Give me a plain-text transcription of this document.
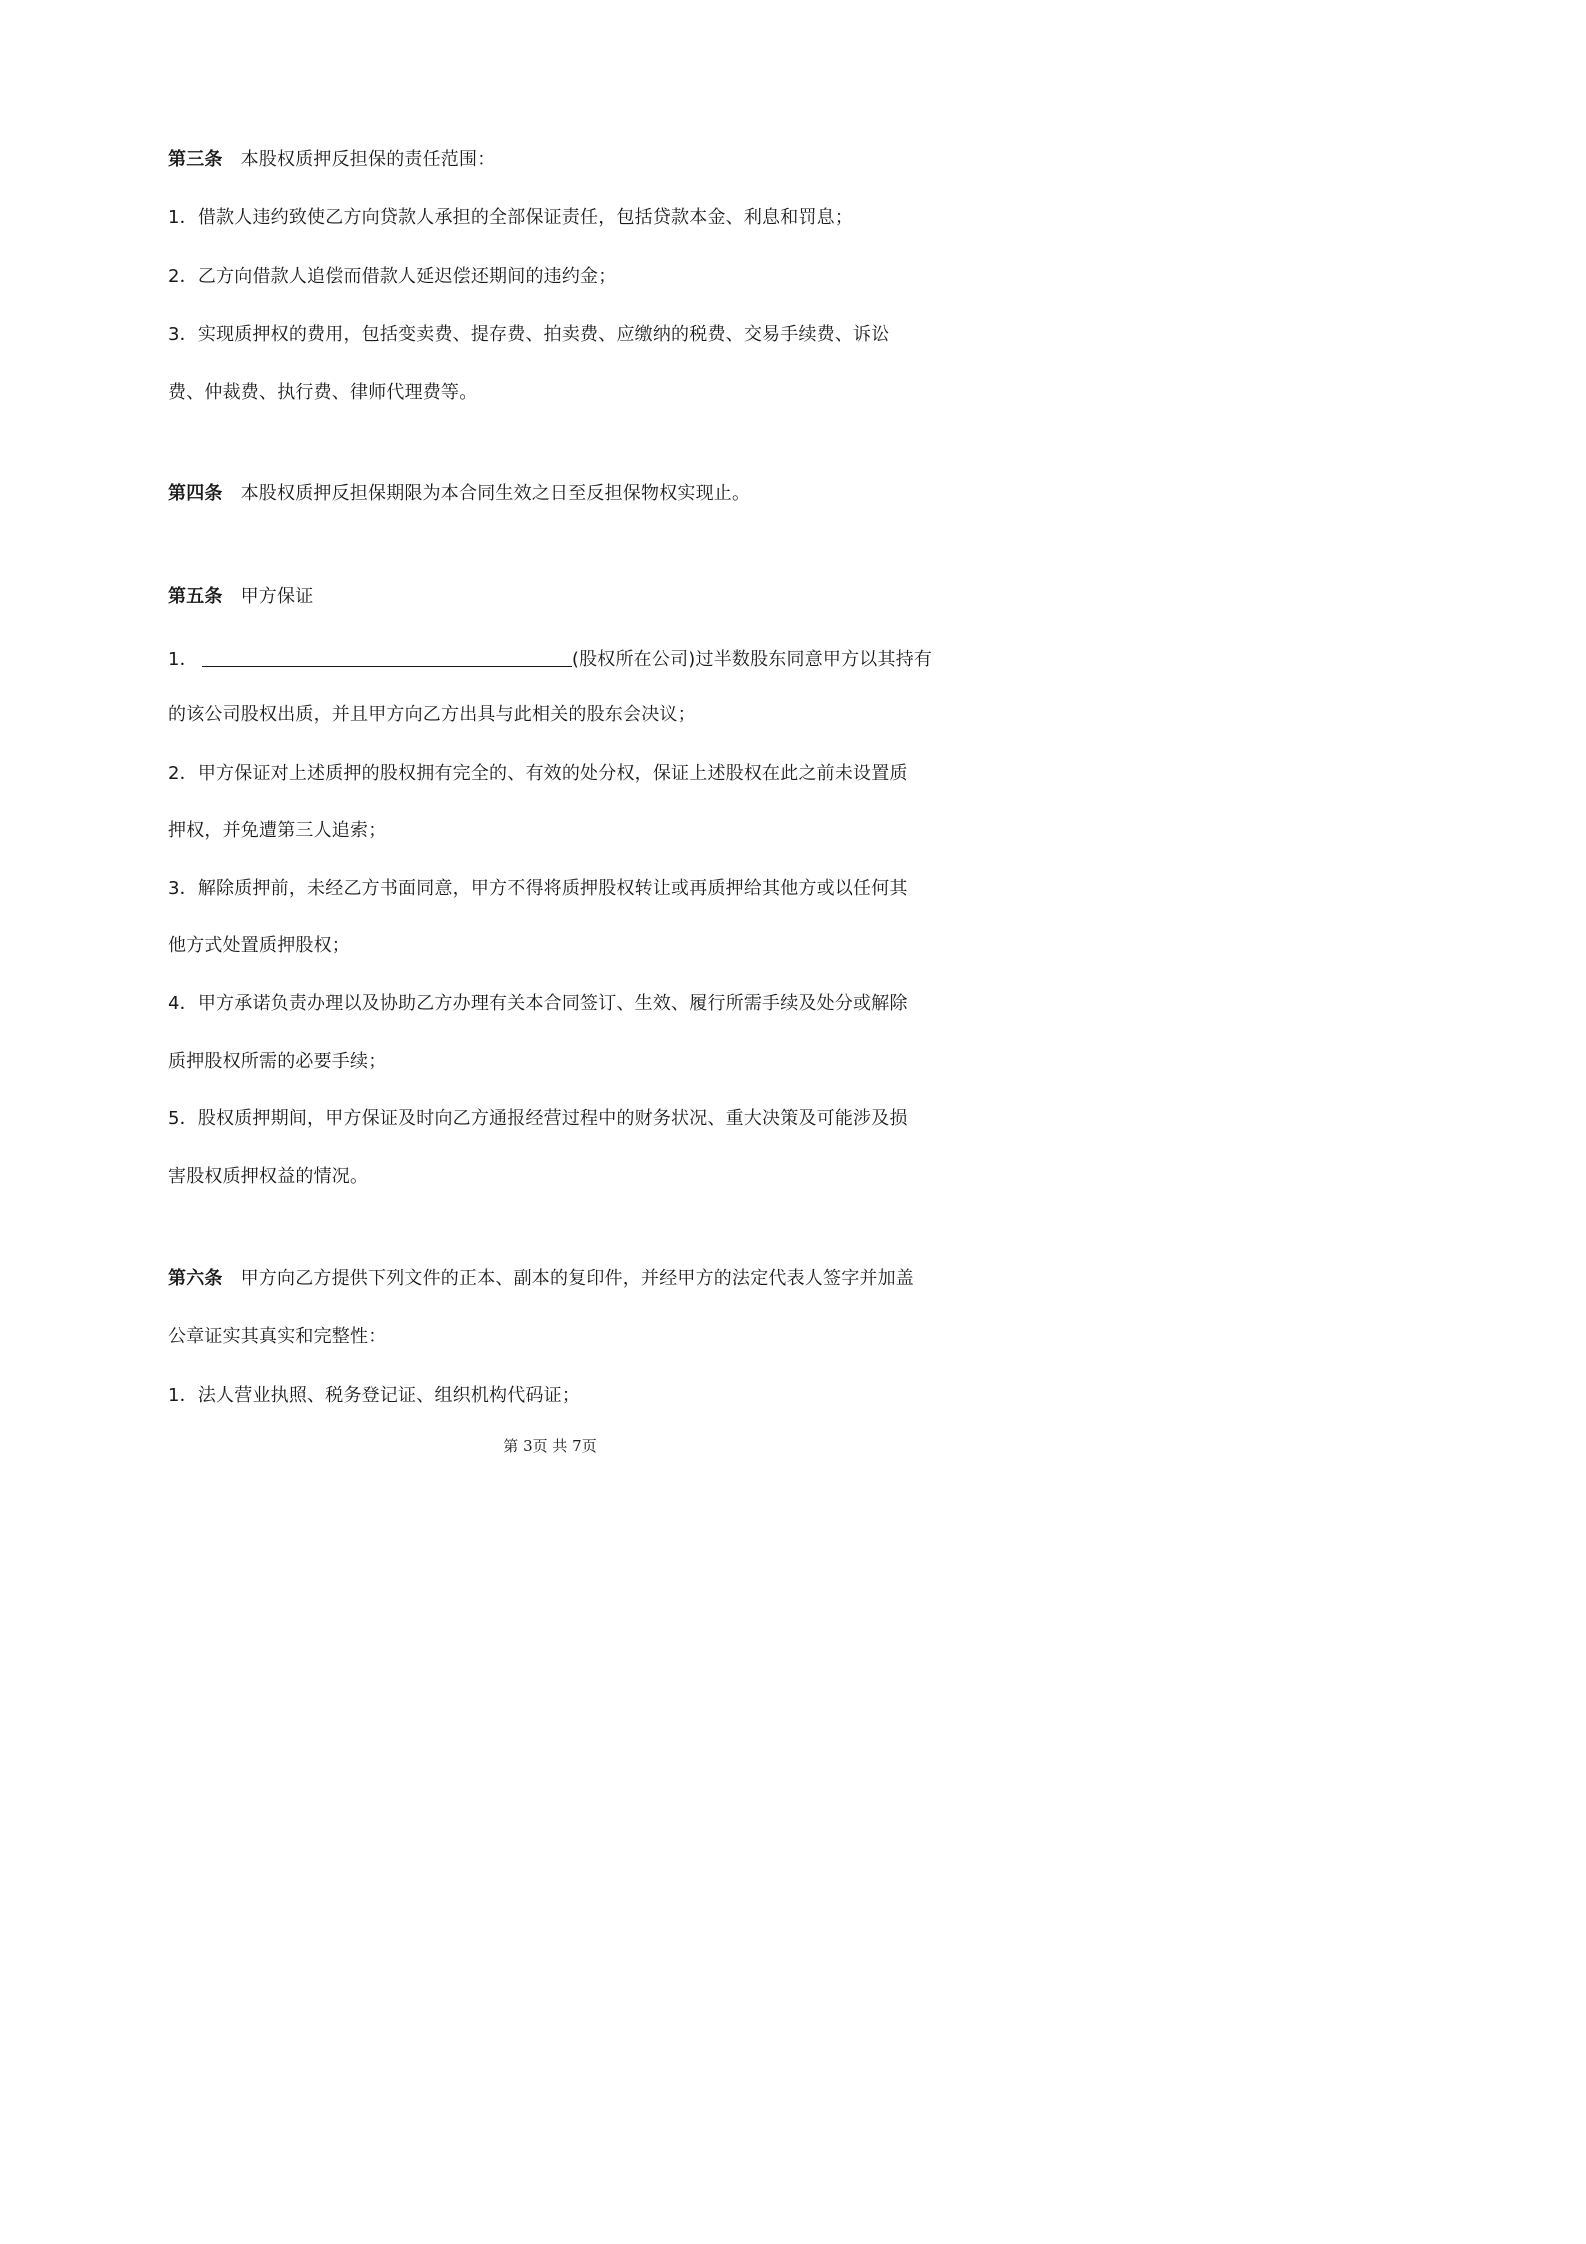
第三条 本股权质押反担保的责任范围：
1．借款人违约致使乙方向贷款人承担的全部保证责任，包括贷款本金、利息和罚息；
2．乙方向借款人追偿而借款人延迟偿还期间的违约金；
3．实现质押权的费用，包括变卖费、提存费、拍卖费、应缴纳的税费、交易手续费、诉讼
费、仲裁费、执行费、律师代理费等。
第四条 本股权质押反担保期限为本合同生效之日至反担保物权实现止。
第五条 甲方保证
1．	(股权所在公司)过半数股东同意甲方以其持有
的该公司股权出质，并且甲方向乙方出具与此相关的股东会决议；
2．甲方保证对上述质押的股权拥有完全的、有效的处分权，保证上述股权在此之前未设置质
押权，并免遭第三人追索；
3．解除质押前，未经乙方书面同意，甲方不得将质押股权转让或再质押给其他方或以任何其
他方式处置质押股权；
4．甲方承诺负责办理以及协助乙方办理有关本合同签订、生效、履行所需手续及处分或解除
质押股权所需的必要手续；
5．股权质押期间，甲方保证及时向乙方通报经营过程中的财务状况、重大决策及可能涉及损
害股权质押权益的情况。
第六条 甲方向乙方提供下列文件的正本、副本的复印件，并经甲方的法定代表人签字并加盖
公章证实其真实和完整性：
1．法人营业执照、税务登记证、组织机构代码证；
第 3页 共 7页
